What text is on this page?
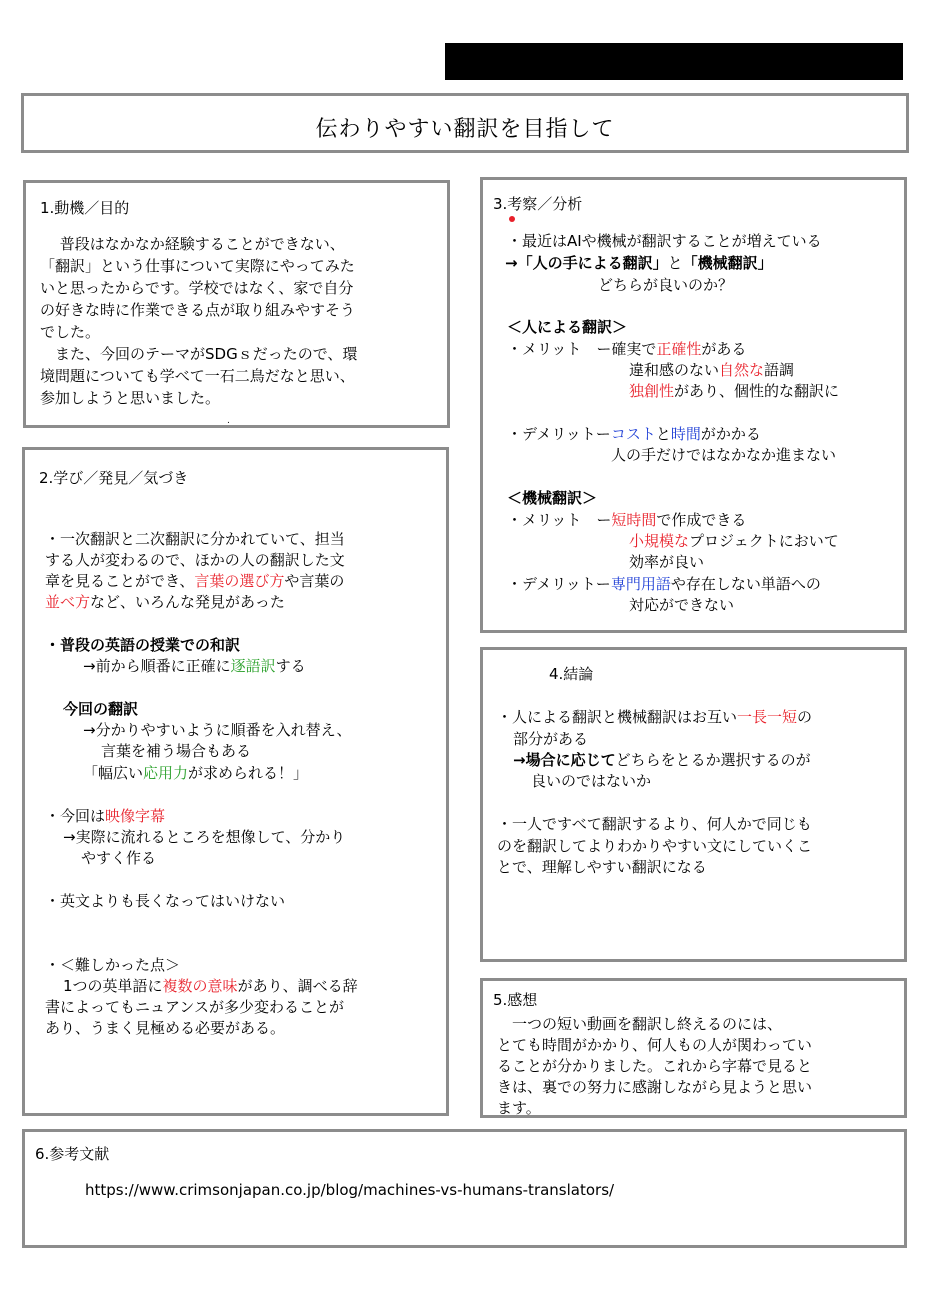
伝わりやすい翻訳を目指して
1.動機／目的
　 普段はなかなか経験することができない、
「翻訳」という仕事について実際にやってみた
いと思ったからです。学校ではなく、家で自分
の好きな時に作業できる点が取り組みやすそう
でした。
　また、今回のテーマがSDGｓだったので、環
境問題についても学べて一石二鳥だなと思い、
参加しようと思いました。
.
2.学び／発見／気づき
・一次翻訳と二次翻訳に分かれていて、担当
する人が変わるので、ほかの人の翻訳した文
章を見ることができ、言葉の選び方や言葉の
並べ方など、いろんな発見があった
・普段の英語の授業での和訳
→前から順番に正確に逐語訳する
今回の翻訳
→分かりやすいように順番を入れ替え、
言葉を補う場合もある
「幅広い応用力が求められる！」
・今回は映像字幕
→実際に流れるところを想像して、分かり
やすく作る
・英文よりも長くなってはいけない
・＜難しかった点＞
1つの英単語に複数の意味があり、調べる辞
書によってもニュアンスが多少変わることが
あり、うまく見極める必要がある。
3.考察／分析
・最近はAIや機械が翻訳することが増えている
→「人の手による翻訳」と「機械翻訳」
どちらが良いのか？
＜人による翻訳＞
・メリット　ー確実で正確性がある
違和感のない自然な語調
独創性があり、個性的な翻訳に
・デメリットーコストと時間がかかる
人の手だけではなかなか進まない
＜機械翻訳＞
・メリット　ー短時間で作成できる
小規模なプロジェクトにおいて
効率が良い
・デメリットー専門用語や存在しない単語への
対応ができない
4.結論
・人による翻訳と機械翻訳はお互い一長一短の
部分がある
→場合に応じてどちらをとるか選択するのが
良いのではないか
・一人ですべて翻訳するより、何人かで同じも
のを翻訳してよりわかりやすい文にしていくこ
とで、理解しやすい翻訳になる
5.感想
　一つの短い動画を翻訳し終えるのには、
とても時間がかかり、何人もの人が関わってい
ることが分かりました。これから字幕で見ると
きは、裏での努力に感謝しながら見ようと思い
ます。
6.参考文献
https://www.crimsonjapan.co.jp/blog/machines-vs-humans-translators/
